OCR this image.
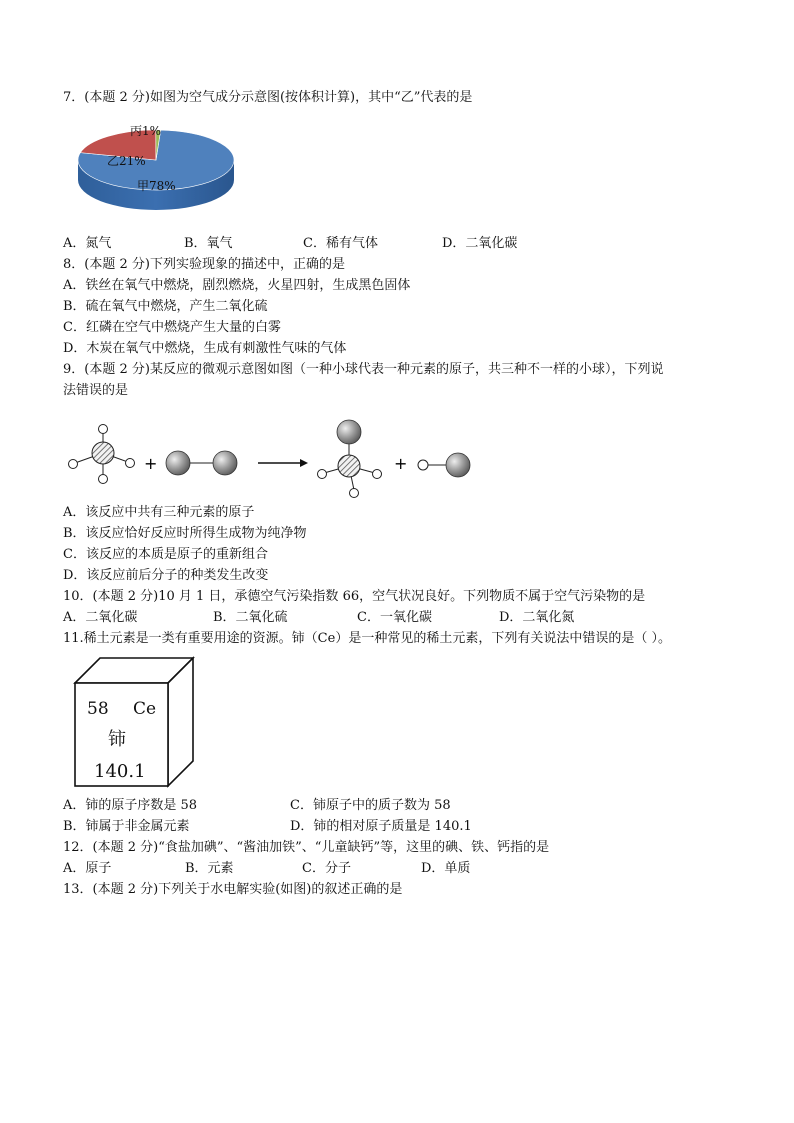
7．(本题 2 分)如图为空气成分示意图(按体积计算)，其中“乙”代表的是
丙1%
乙21%
甲78%
A．氮气	B．氧气	C．稀有气体	D．二氧化碳
8．(本题 2 分)下列实验现象的描述中，正确的是
A．铁丝在氧气中燃烧，剧烈燃烧，火星四射，生成黑色固体
B．硫在氧气中燃烧，产生二氧化硫
C．红磷在空气中燃烧产生大量的白雾
D．木炭在氧气中燃烧，生成有刺激性气味的气体
9．(本题 2 分)某反应的微观示意图如图（一种小球代表一种元素的原子，共三种不一样的小球），下列说
法错误的是
+	+
A．该反应中共有三种元素的原子
B．该反应恰好反应时所得生成物为纯净物
C．该反应的本质是原子的重新组合
D．该反应前后分子的种类发生改变
10．(本题 2 分)10 月 1 日，承德空气污染指数 66，空气状况良好。下列物质不属于空气污染物的是
A．二氧化碳	B．二氧化硫	C．一氧化碳	D．二氧化氮
11.稀土元素是一类有重要用途的资源。铈（Ce）是一种常见的稀土元素，下列有关说法中错误的是（ ）。
58 Ce
铈
140.1
A．铈的原子序数是 58	C．铈原子中的质子数为 58
B．铈属于非金属元素	D．铈的相对原子质量是 140.1
12．(本题 2 分)“食盐加碘”、“酱油加铁”、“儿童缺钙”等，这里的碘、铁、钙指的是
A．原子	B．元素	C．分子	D．单质
13．(本题 2 分)下列关于水电解实验(如图)的叙述正确的是
